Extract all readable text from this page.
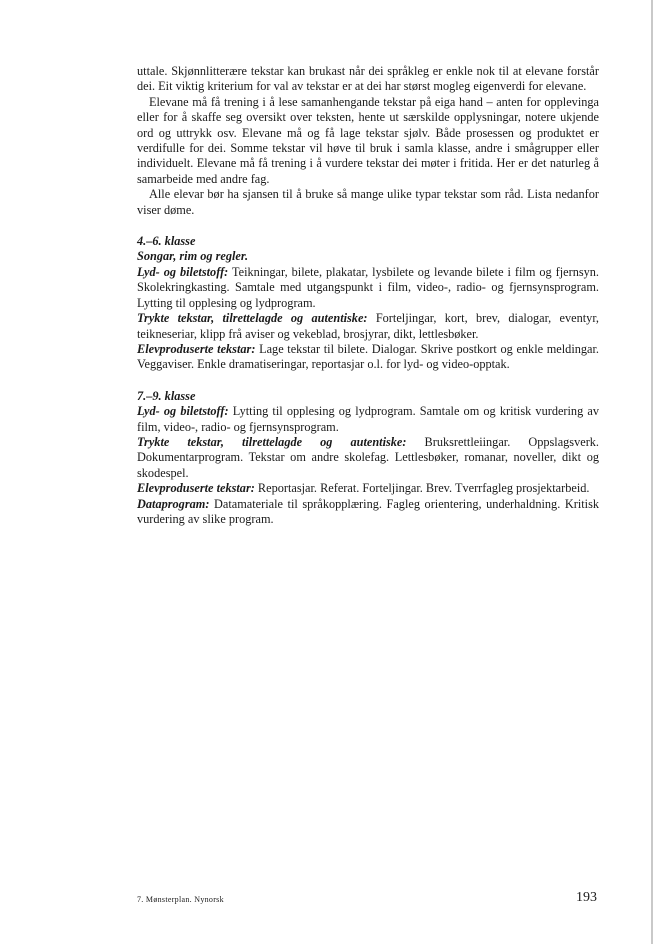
uttale. Skjønnlitterære tekstar kan brukast når dei språkleg er enkle nok til at elevane forstår dei. Eit viktig kriterium for val av tekstar er at dei har størst mogleg eigenverdi for elevane.

Elevane må få trening i å lese samanhengande tekstar på eiga hand – anten for opplevinga eller for å skaffe seg oversikt over teksten, hente ut særskilde opplysningar, notere ukjende ord og uttrykk osv. Elevane må og få lage tekstar sjølv. Både prosessen og produktet er verdifulle for dei. Somme tekstar vil høve til bruk i samla klasse, andre i smågrupper eller individuelt. Elevane må få trening i å vurdere tekstar dei møter i fritida. Her er det naturleg å samarbeide med andre fag.

Alle elevar bør ha sjansen til å bruke så mange ulike typar tekstar som råd. Lista nedanfor viser døme.

4.–6. klasse

Songar, rim og regler.

Lyd- og biletstoff: Teikningar, bilete, plakatar, lysbilete og levande bilete i film og fjernsyn. Skolekringkasting. Samtale med utgangspunkt i film, video-, radio- og fjernsynsprogram. Lytting til opplesing og lydprogram.

Trykte tekstar, tilrettelagde og autentiske: Forteljingar, kort, brev, dialogar, eventyr, teikneseriar, klipp frå aviser og vekeblad, brosjyrar, dikt, lettlesbøker.

Elevproduserte tekstar: Lage tekstar til bilete. Dialogar. Skrive postkort og enkle meldingar. Veggaviser. Enkle dramatiseringar, reportasjar o.l. for lyd- og video-opptak.

7.–9. klasse

Lyd- og biletstoff: Lytting til opplesing og lydprogram. Samtale om og kritisk vurdering av film, video-, radio- og fjernsynsprogram.

Trykte tekstar, tilrettelagde og autentiske: Bruksrettleiingar. Oppslagsverk. Dokumentarprogram. Tekstar om andre skolefag. Lettlesbøker, romanar, noveller, dikt og skodespel.

Elevproduserte tekstar: Reportasjar. Referat. Forteljingar. Brev. Tverrfagleg prosjektarbeid.

Dataprogram: Datamateriale til språkopplæring. Fagleg orientering, underhaldning. Kritisk vurdering av slike program.

7. Mønsterplan. Nynorsk	193
